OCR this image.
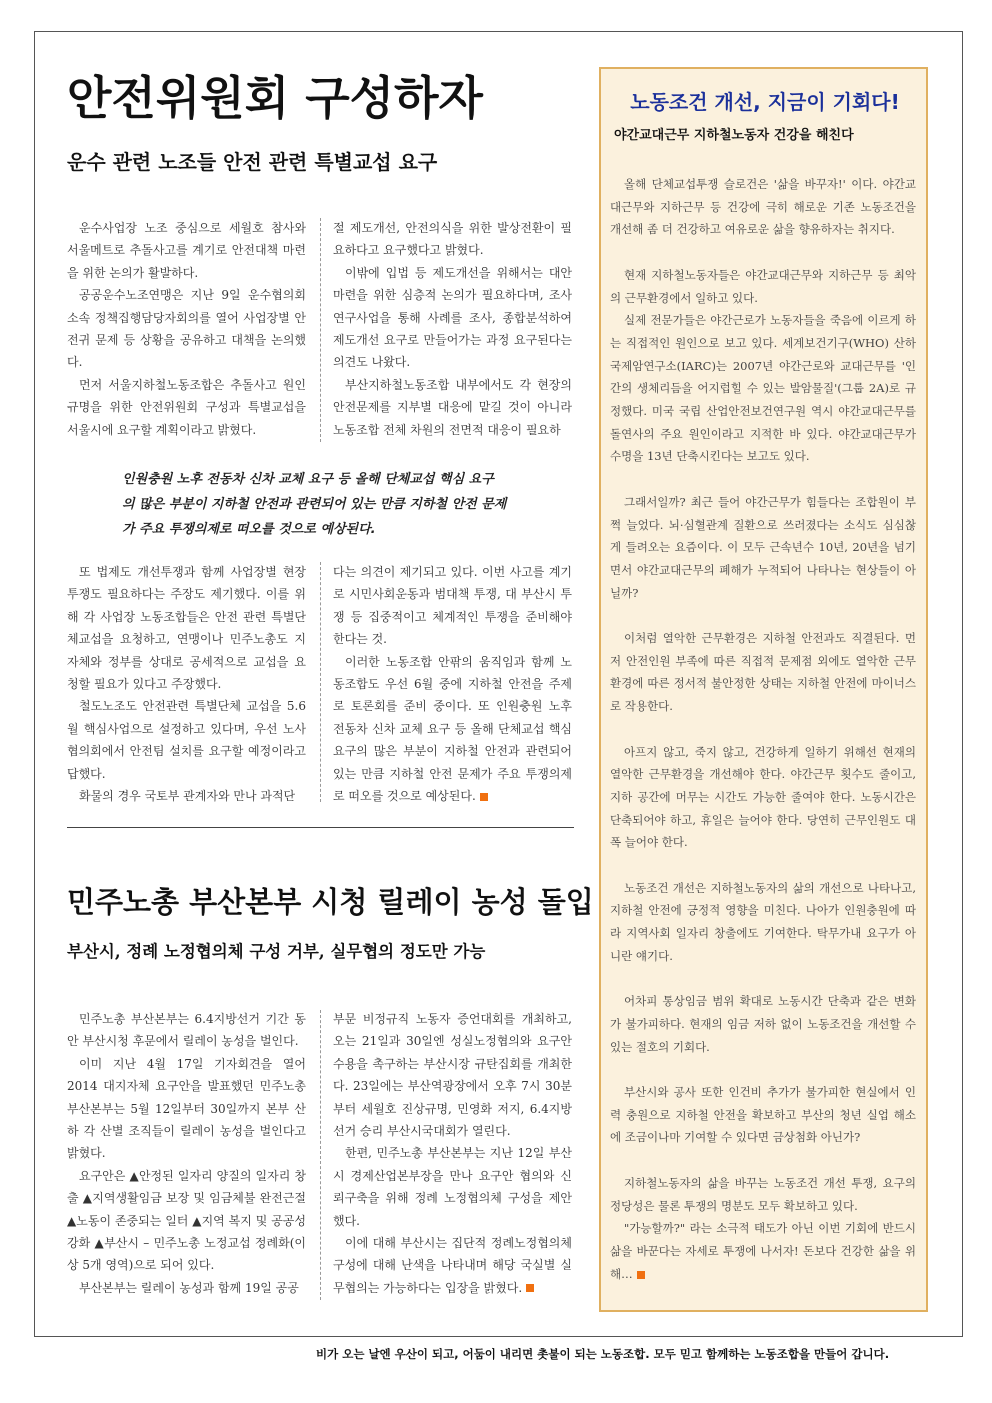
안전위원회 구성하자
운수 관련 노조들 안전 관련 특별교섭 요구

운수사업장 노조 중심으로 세월호 참사와 서울메트로 추돌사고를 계기로 안전대책 마련을 위한 논의가 활발하다.

공공운수노조연맹은 지난 9일 운수협의회 소속 정책집행담당자회의를 열어 사업장별 안전귀 문제 등 상황을 공유하고 대책을 논의했다.

먼저 서울지하철노동조합은 추돌사고 원인 규명을 위한 안전위원회 구성과 특별교섭을 서울시에 요구할 계획이라고 밝혔다.

절 제도개선, 안전의식을 위한 발상전환이 필요하다고 요구했다고 밝혔다.

이밖에 입법 등 제도개선을 위해서는 대안 마련을 위한 심층적 논의가 필요하다며, 조사 연구사업을 통해 사례를 조사, 종합분석하여 제도개선 요구로 만들어가는 과정 요구된다는 의견도 나왔다.

부산지하철노동조합 내부에서도 각 현장의 안전문제를 지부별 대응에 맡길 것이 아니라 노동조합 전체 차원의 전면적 대응이 필요하

인원충원 노후 전동차 신차 교체 요구 등 올해 단체교섭 핵심 요구
의 많은 부분이 지하철 안전과 관련되어 있는 만큼 지하철 안전 문제
가 주요 투쟁의제로 떠오를 것으로 예상된다.

또 법제도 개선투쟁과 함께 사업장별 현장투쟁도 필요하다는 주장도 제기했다. 이를 위해 각 사업장 노동조합들은 안전 관련 특별단체교섭을 요청하고, 연맹이나 민주노총도 지자체와 정부를 상대로 공세적으로 교섭을 요청할 필요가 있다고 주장했다.

철도노조도 안전관련 특별단체 교섭을 5.6월 핵심사업으로 설정하고 있다며, 우선 노사협의회에서 안전팀 설치를 요구할 예정이라고 답했다.

화물의 경우 국토부 관계자와 만나 과적단

다는 의견이 제기되고 있다. 이번 사고를 계기로 시민사회운동과 범대책 투쟁, 대 부산시 투쟁 등 집중적이고 체계적인 투쟁을 준비해야 한다는 것.

이러한 노동조합 안팎의 움직임과 함께 노동조합도 우선 6월 중에 지하철 안전을 주제로 토론회를 준비 중이다. 또 인원충원 노후 전동차 신차 교체 요구 등 올해 단체교섭 핵심 요구의 많은 부분이 지하철 안전과 관련되어 있는 만큼 지하철 안전 문제가 주요 투쟁의제로 떠오를 것으로 예상된다.

민주노총 부산본부 시청 릴레이 농성 돌입
부산시, 정례 노정협의체 구성 거부, 실무협의 정도만 가능

민주노총 부산본부는 6.4지방선거 기간 동안 부산시청 후문에서 릴레이 농성을 벌인다.

이미 지난 4월 17일 기자회견을 열어 2014 대지자체 요구안을 발표했던 민주노총 부산본부는 5월 12일부터 30일까지 본부 산하 각 산별 조직들이 릴레이 농성을 벌인다고 밝혔다.

요구안은 ▲안정된 일자리 양질의 일자리 창출 ▲지역생활임금 보장 및 임금체불 완전근절 ▲노동이 존중되는 일터 ▲지역 복지 및 공공성 강화 ▲부산시 – 민주노총 노정교섭 정례화(이상 5개 영역)으로 되어 있다.

부산본부는 릴레이 농성과 함께 19일 공공

부문 비정규직 노동자 증언대회를 개최하고, 오는 21일과 30일엔 성실노정협의와 요구안 수용을 촉구하는 부산시장 규탄집회를 개최한다. 23일에는 부산역광장에서 오후 7시 30분부터 세월호 진상규명, 민영화 저지, 6.4지방선거 승리 부산시국대회가 열린다.

한편, 민주노총 부산본부는 지난 12일 부산시 경제산업본부장을 만나 요구안 협의와 신뢰구축을 위해 정례 노정협의체 구성을 제안했다.

이에 대해 부산시는 집단적 정례노정협의체 구성에 대해 난색을 나타내며 해당 국실별 실무협의는 가능하다는 입장을 밝혔다.

노동조건 개선, 지금이 기회다!
야간교대근무 지하철노동자 건강을 해친다

올해 단체교섭투쟁 슬로건은 '삶을 바꾸자!' 이다. 야간교대근무와 지하근무 등 건강에 극히 해로운 기존 노동조건을 개선해 좀 더 건강하고 여유로운 삶을 향유하자는 취지다.

현재 지하철노동자들은 야간교대근무와 지하근무 등 최악의 근무환경에서 일하고 있다.

실제 전문가들은 야간근로가 노동자들을 죽음에 이르게 하는 직접적인 원인으로 보고 있다. 세계보건기구(WHO) 산하 국제암연구소(IARC)는 2007년 야간근로와 교대근무를 '인간의 생체리듬을 어지럽힐 수 있는 발암물질'(그룹 2A)로 규정했다. 미국 국립 산업안전보건연구원 역시 야간교대근무를 돌연사의 주요 원인이라고 지적한 바 있다. 야간교대근무가 수명을 13년 단축시킨다는 보고도 있다.

그래서일까? 최근 들어 야간근무가 힘들다는 조합원이 부쩍 늘었다. 뇌·심혈관계 질환으로 쓰러졌다는 소식도 심심찮게 들려오는 요즘이다. 이 모두 근속년수 10년, 20년을 넘기면서 야간교대근무의 폐해가 누적되어 나타나는 현상들이 아닐까?

이처럼 열악한 근무환경은 지하철 안전과도 직결된다. 먼저 안전인원 부족에 따른 직접적 문제점 외에도 열악한 근무환경에 따른 정서적 불안정한 상태는 지하철 안전에 마이너스로 작용한다.

아프지 않고, 죽지 않고, 건강하게 일하기 위해선 현재의 열악한 근무환경을 개선해야 한다. 야간근무 횟수도 줄이고, 지하 공간에 머무는 시간도 가능한 줄여야 한다. 노동시간은 단축되어야 하고, 휴일은 늘어야 한다. 당연히 근무인원도 대폭 늘어야 한다.

노동조건 개선은 지하철노동자의 삶의 개선으로 나타나고, 지하철 안전에 긍정적 영향을 미친다. 나아가 인원충원에 따라 지역사회 일자리 창출에도 기여한다. 탁무가내 요구가 아니란 얘기다.

어차피 통상임금 범위 확대로 노동시간 단축과 같은 변화가 불가피하다. 현재의 임금 저하 없이 노동조건을 개선할 수 있는 절호의 기회다.

부산시와 공사 또한 인건비 추가가 불가피한 현실에서 인력 충원으로 지하철 안전을 확보하고 부산의 청년 실업 해소에 조금이나마 기여할 수 있다면 금상첨화 아닌가?

지하철노동자의 삶을 바꾸는 노동조건 개선 투쟁, 요구의 정당성은 물론 투쟁의 명분도 모두 확보하고 있다.

"가능할까?" 라는 소극적 태도가 아닌 이번 기회에 반드시 삶을 바꾼다는 자세로 투쟁에 나서자! 돈보다 건강한 삶을 위해…

비가 오는 날엔 우산이 되고, 어둠이 내리면 촛불이 되는 노동조합. 모두 믿고 함께하는 노동조합을 만들어 갑니다.
